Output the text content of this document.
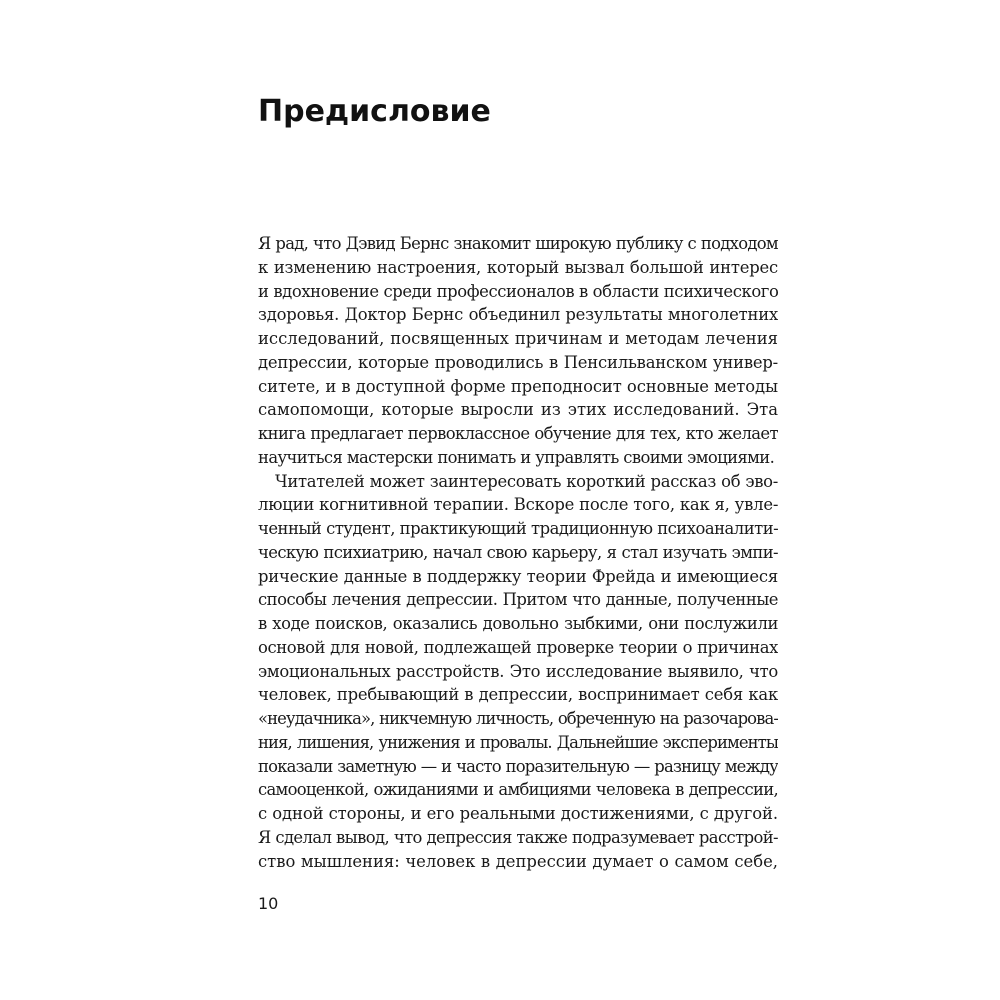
Предисловие
Я рад, что Дэвид Бернс знакомит широкую публику с подходом
к изменению настроения, который вызвал большой интерес
и вдохновение среди профессионалов в области психического
здоровья. Доктор Бернс объединил результаты многолетних
исследований, посвященных причинам и методам лечения
депрессии, которые проводились в Пенсильванском универ-
ситете, и в доступной форме преподносит основные методы
самопомощи, которые выросли из этих исследований. Эта
книга предлагает первоклассное обучение для тех, кто желает
научиться мастерски понимать и управлять своими эмоциями.
Читателей может заинтересовать короткий рассказ об эво-
люции когнитивной терапии. Вскоре после того, как я, увле-
ченный студент, практикующий традиционную психоаналити-
ческую психиатрию, начал свою карьеру, я стал изучать эмпи-
рические данные в поддержку теории Фрейда и имеющиеся
способы лечения депрессии. Притом что данные, полученные
в ходе поисков, оказались довольно зыбкими, они послужили
основой для новой, подлежащей проверке теории о причинах
эмоциональных расстройств. Это исследование выявило, что
человек, пребывающий в депрессии, воспринимает себя как
«неудачника», никчемную личность, обреченную на разочарова-
ния, лишения, унижения и провалы. Дальнейшие эксперименты
показали заметную — и часто поразительную — разницу между
самооценкой, ожиданиями и амбициями человека в депрессии,
с одной стороны, и его реальными достижениями, с другой.
Я сделал вывод, что депрессия также подразумевает расстрой-
ство мышления: человек в депрессии думает о самом себе,
10
